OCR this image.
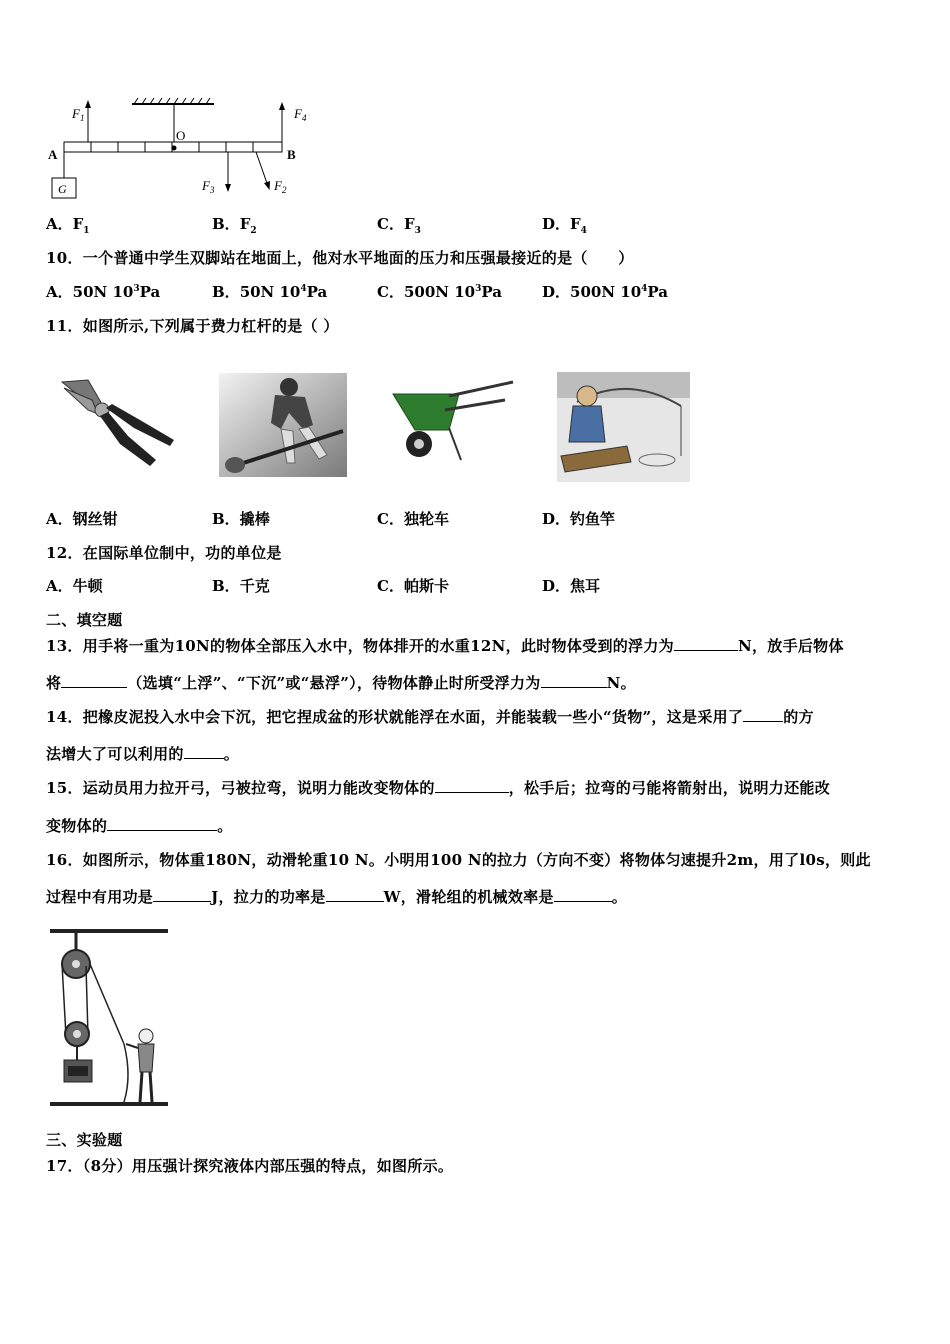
A	B
O
G
$F_1$	$F_4$
$F_3$	$F_2$
A．$F_1$	B．$F_2$	C．$F_3$	D．$F_4$
10．一个普通中学生双脚站在地面上，他对水平地面的压力和压强最接近的是（　　）
A．50N $10^3Pa$	B．50N $10^4Pa$	C．500N $10^3Pa$	D．500N $10^4Pa$
11．如图所示,下列属于费力杠杆的是（ ）
A．钢丝钳	B．撬棒	C．独轮车	D．钓鱼竿
12．在国际单位制中，功的单位是
A．牛顿	B．千克	C．帕斯卡	D．焦耳
二、填空题
13．用手将一重为10N的物体全部压入水中，物体排开的水重12N，此时物体受到的浮力为	N，放手后物体
将	（选填“上浮”、“下沉”或“悬浮”），待物体静止时所受浮力为	N。
14．把橡皮泥投入水中会下沉，把它捏成盆的形状就能浮在水面，并能装载一些小“货物”，这是采用了	的方
法增大了可以利用的	。
15．运动员用力拉开弓，弓被拉弯，说明力能改变物体的	，松手后；拉弯的弓能将箭射出，说明力还能改
变物体的	。
16．如图所示，物体重180N，动滑轮重10 N。小明用100 N的拉力（方向不变）将物体匀速提升2m，用了l0s，则此
过程中有用功是	J，拉力的功率是	W，滑轮组的机械效率是	。
三、实验题
17．（8分）用压强计探究液体内部压强的特点，如图所示。
